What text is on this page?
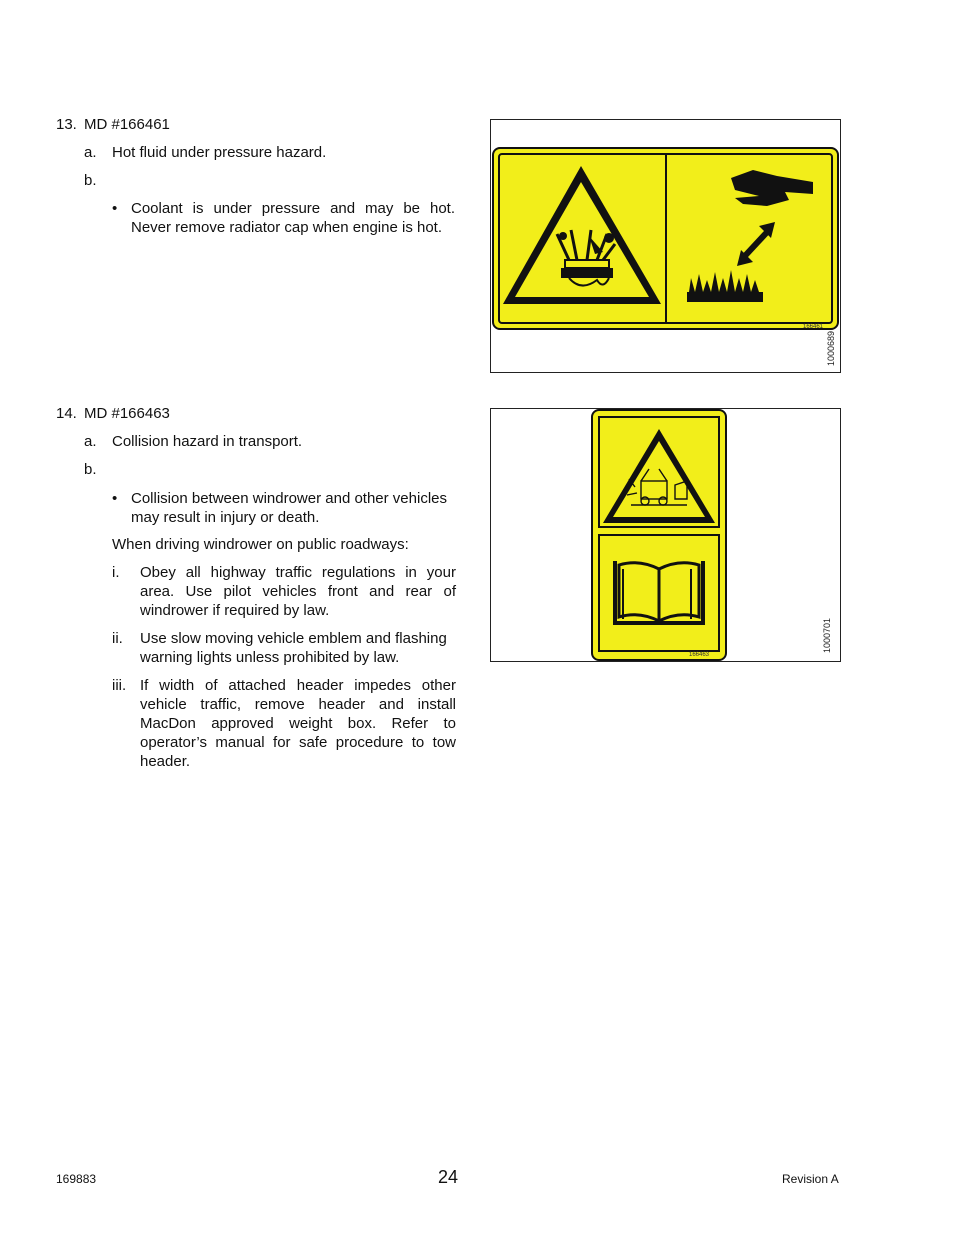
13. MD #166461
a. Hot fluid under pressure hazard.
b.
• Coolant is under pressure and may be hot. Never remove radiator cap when engine is hot.
166461
1000689
14. MD #166463
a. Collision hazard in transport.
b.
• Collision between windrower and other vehicles may result in injury or death.
When driving windrower on public roadways:
i. Obey all highway traffic regulations in your area. Use pilot vehicles front and rear of windrower if required by law.
ii. Use slow moving vehicle emblem and flashing warning lights unless prohibited by law.
iii. If width of attached header impedes other vehicle traffic, remove header and install MacDon approved weight box. Refer to operator’s manual for safe procedure to tow header.
166463
1000701
169883	24	Revision A
